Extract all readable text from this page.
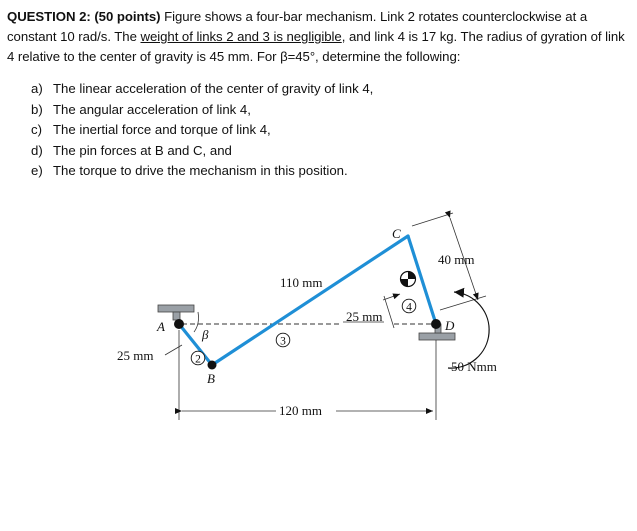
QUESTION 2: (50 points) Figure shows a four-bar mechanism. Link 2 rotates counterclockwise at a constant 10 rad/s. The weight of links 2 and 3 is negligible, and link 4 is 17 kg. The radius of gyration of link 4 relative to the center of gravity is 45 mm. For β=45°, determine the following:
a) The linear acceleration of the center of gravity of link 4,
b) The angular acceleration of link 4,
c) The inertial force and torque of link 4,
d) The pin forces at B and C, and
e) The torque to drive the mechanism in this position.
2
3
4
A
B
C
D
β
25 mm
110 mm
25 mm
40 mm
120 mm
50 Nmm
